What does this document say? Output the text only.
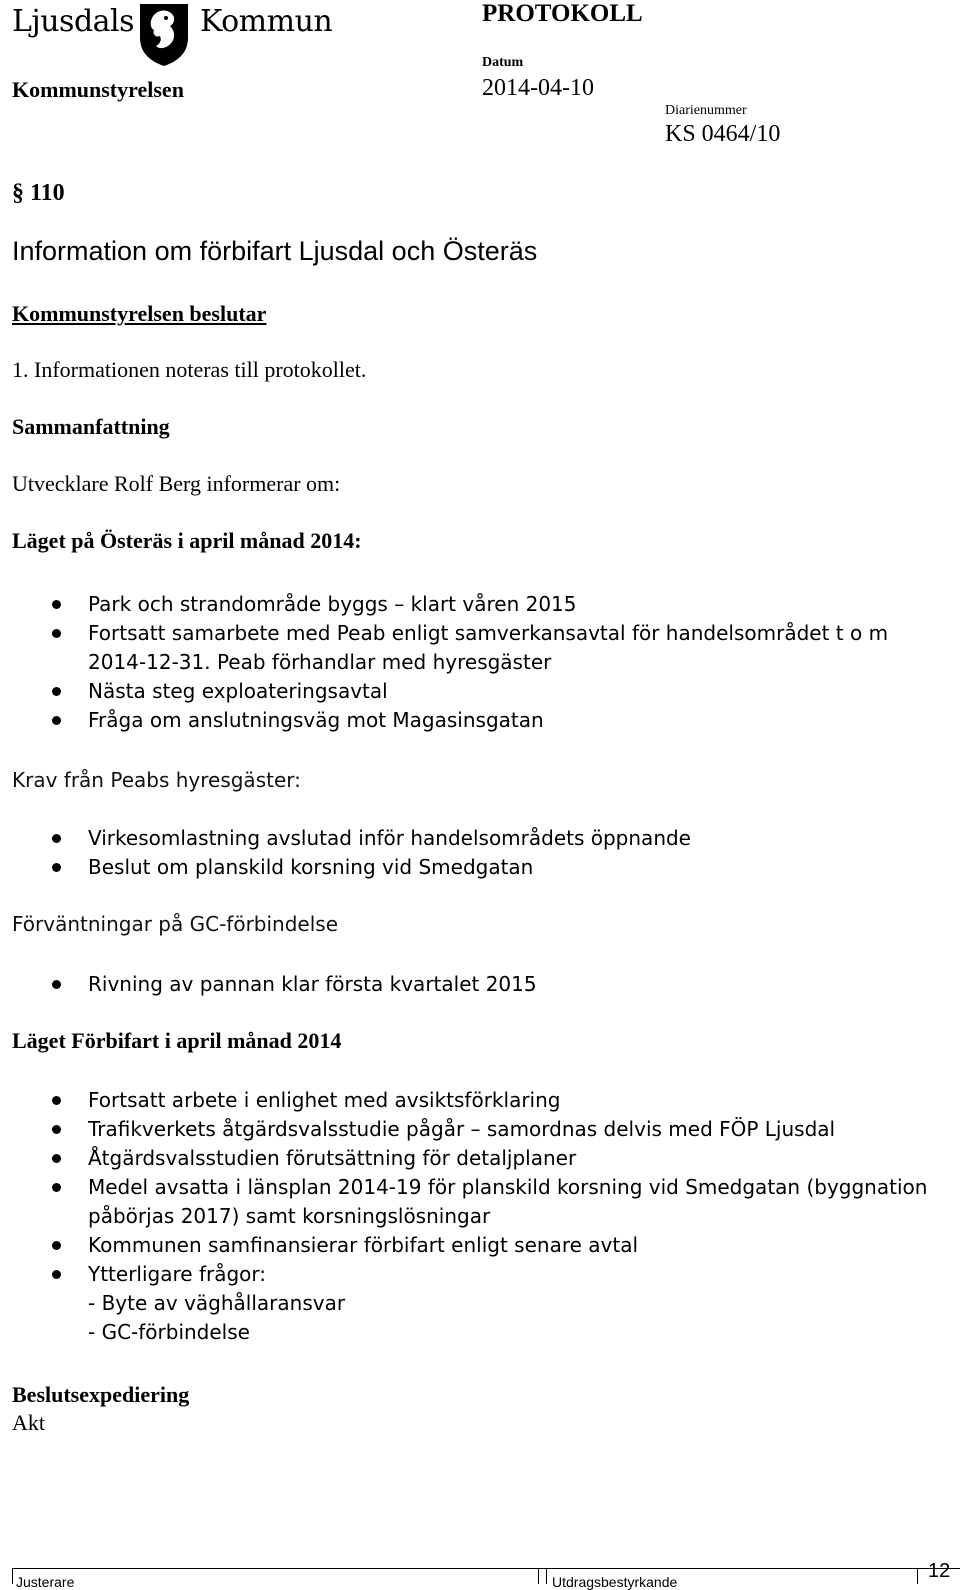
Ljusdals Kommun	PROTOKOLL
Kommunstyrelsen
Datum
2014-04-10
Diarienummer
KS 0464/10
§ 110
Information om förbifart Ljusdal och Österäs
Kommunstyrelsen beslutar
1. Informationen noteras till protokollet.
Sammanfattning
Utvecklare Rolf Berg informerar om:
Läget på Österäs i april månad 2014:
Park och strandområde byggs – klart våren 2015
Fortsatt samarbete med Peab enligt samverkansavtal för handelsområdet t o m
2014-12-31. Peab förhandlar med hyresgäster
Nästa steg exploateringsavtal
Fråga om anslutningsväg mot Magasinsgatan
Krav från Peabs hyresgäster:
Virkesomlastning avslutad inför handelsområdets öppnande
Beslut om planskild korsning vid Smedgatan
Förväntningar på GC-förbindelse
Rivning av pannan klar första kvartalet 2015
Läget Förbifart i april månad 2014
Fortsatt arbete i enlighet med avsiktsförklaring
Trafikverkets åtgärdsvalsstudie pågår – samordnas delvis med FÖP Ljusdal
Åtgärdsvalsstudien förutsättning för detaljplaner
Medel avsatta i länsplan 2014-19 för planskild korsning vid Smedgatan (byggnation
påbörjas 2017) samt korsningslösningar
Kommunen samfinansierar förbifart enligt senare avtal
Ytterligare frågor:
- Byte av väghållaransvar
- GC-förbindelse
Beslutsexpediering
Akt
Justerare	Utdragsbestyrkande	12
